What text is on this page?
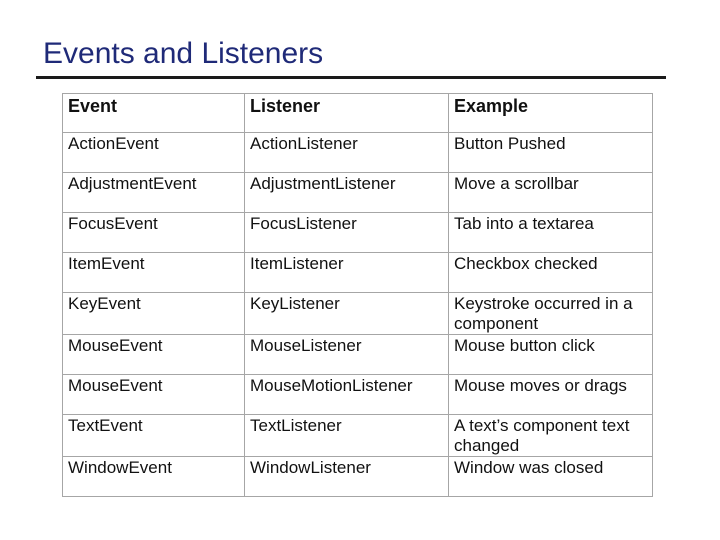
Events and Listeners
Event	Listener	Example
ActionEvent	ActionListener	Button Pushed
AdjustmentEvent	AdjustmentListener	Move a scrollbar
FocusEvent	FocusListener	Tab into a textarea
ItemEvent	ItemListener	Checkbox checked
KeyEvent	KeyListener	Keystroke occurred in a component
MouseEvent	MouseListener	Mouse button click
MouseEvent	MouseMotionListener	Mouse moves or drags
TextEvent	TextListener	A text’s component text changed
WindowEvent	WindowListener	Window was closed
